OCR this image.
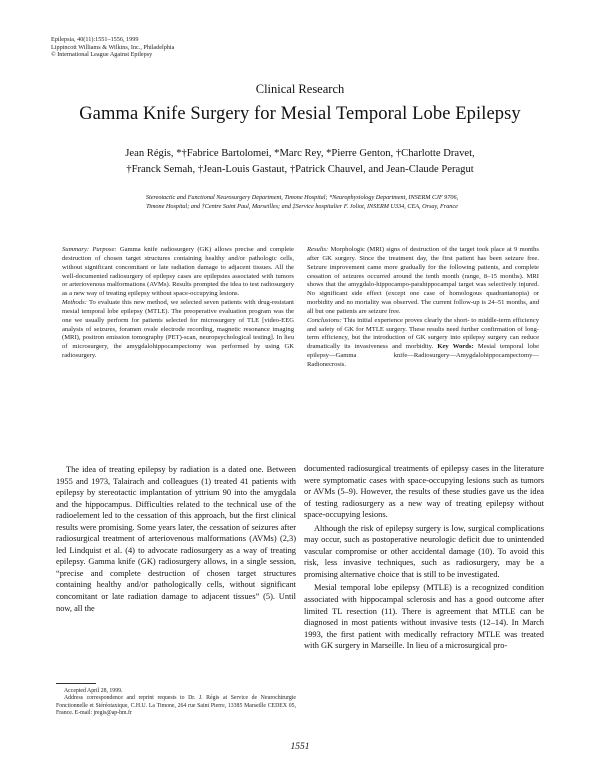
Epilepsia, 40(11):1551–1556, 1999
Lippincott Williams & Wilkins, Inc., Philadelphia
© International League Against Epilepsy
Clinical Research
Gamma Knife Surgery for Mesial Temporal Lobe Epilepsy
Jean Régis, *†Fabrice Bartolomei, *Marc Rey, *Pierre Genton, †Charlotte Dravet,
†Franck Semah, †Jean-Louis Gastaut, †Patrick Chauvel, and Jean-Claude Peragut
Stereotactic and Functional Neurosurgery Department, Timone Hospital; *Neurophysiology Department, INSERM CJF 9706,
Timone Hospital; and †Centre Saint Paul, Marseilles; and ‡Service hospitalier F. Joliot, INSERM U334, CEA, Orsay, France
Summary: Purpose: Gamma knife radiosurgery (GK) allows precise and complete destruction of chosen target structures containing healthy and/or pathologic cells, without significant concomitant or late radiation damage to adjacent tissues. All the well-documented radiosurgery of epilepsy cases are epilepsies associated with tumors or arteriovenous malformations (AVMs). Results prompted the idea to test radiosurgery as a new way of treating epilepsy without space-occupying lesions.
Methods: To evaluate this new method, we selected seven patients with drug-resistant mesial temporal lobe epilepsy (MTLE). The preoperative evaluation program was the one we usually perform for patients selected for microsurgery of TLE [video-EEG analysis of seizures, foramen ovale electrode recording, magnetic resonance imaging (MRI), positron emission tomography (PET)-scan, neuropsychological testing]. In lieu of microsurgery, the amygdalohippocampectomy was performed by using GK radiosurgery.
Results: Morphologic (MRI) signs of destruction of the target took place at 9 months after GK surgery. Since the treatment day, the first patient has been seizure free. Seizure improvement came more gradually for the following patients, and complete cessation of seizures occurred around the tenth month (range, 8–15 months). MRI shows that the amygdalo-hippocampo-parahippocampal target was selectively injured. No significant side effect (except one case of homologous quadrantanopia) or morbidity and no mortality was observed. The current follow-up is 24–51 months, and all but one patients are seizure free.
Conclusions: This initial experience proves clearly the short- to middle-term efficiency and safety of GK for MTLE surgery. These results need further confirmation of long-term efficiency, but the introduction of GK surgery into epilepsy surgery can reduce dramatically its invasiveness and morbidity. Key Words: Mesial temporal lobe epilepsy—Gamma knife—Radiosurgery—Amygdalohippocampectomy—Radionecrosis.

The idea of treating epilepsy by radiation is a dated one. Between 1955 and 1973, Talairach and colleagues (1) treated 41 patients with epilepsy by stereotactic implantation of yttrium 90 into the amygdala and the hippocampus. Difficulties related to the technical use of the radioelement led to the cessation of this approach, but the first clinical results were promising. Some years later, the cessation of seizures after radiosurgical treatment of arteriovenous malformations (AVMs) (2,3) led Lindquist et al. (4) to advocate radiosurgery as a way of treating epilepsy. Gamma knife (GK) radiosurgery allows, in a single session, “precise and complete destruction of chosen target structures containing healthy and/or pathologically cells, without significant concomitant or late radiation damage to adjacent tissues” (5). Until now, all the

documented radiosurgical treatments of epilepsy cases in the literature were symptomatic cases with space-occupying lesions such as tumors or AVMs (5–9). However, the results of these studies gave us the idea of testing radiosurgery as a new way of treating epilepsy without space-occupying lesions.

Although the risk of epilepsy surgery is low, surgical complications may occur, such as postoperative neurologic deficit due to unintended vascular compromise or other accidental damage (10). To avoid this risk, less invasive techniques, such as radiosurgery, may be a promising alternative choice that is still to be investigated.

Mesial temporal lobe epilepsy (MTLE) is a recognized condition associated with hippocampal sclerosis and has a good outcome after limited TL resection (11). There is agreement that MTLE can be diagnosed in most patients without invasive tests (12–14). In March 1993, the first patient with medically refractory MTLE was treated with GK surgery in Marseille. In lieu of a microsurgical pro-

Accepted April 28, 1999.

Address correspondence and reprint requests to Dr. J. Régis at Service de Neurochirurgie Fonctionnelle et Stéréotaxique, C.H.U. La Timone, 264 rue Saint Pierre, 13385 Marseille CEDEX 05, France. E-mail: jregis@ap-hm.fr

1551
